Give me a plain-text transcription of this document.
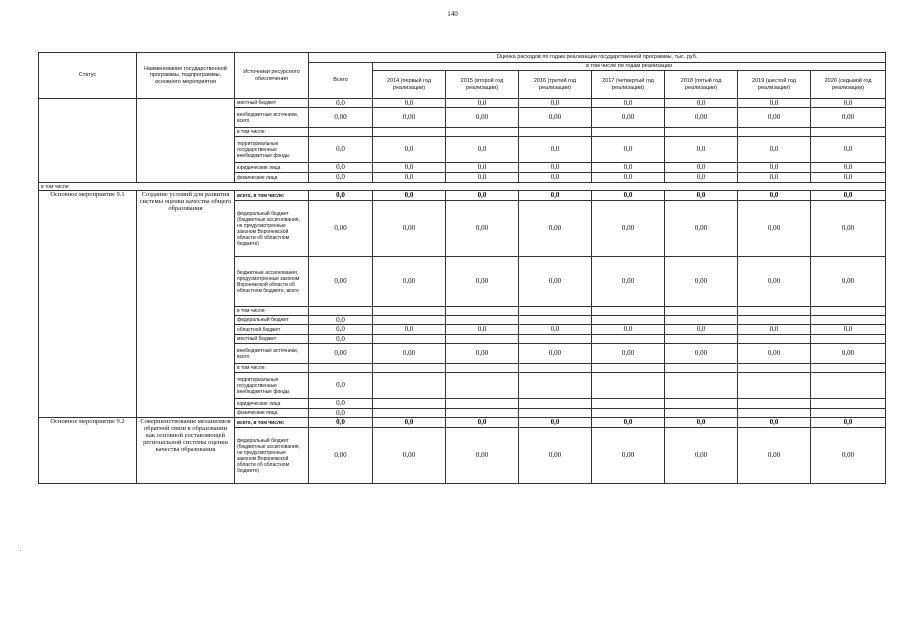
140
Статус	Наименование государственной программы, подпрограммы, основного мероприятия	Источники ресурсного обеспечения	Оценка расходов по годам реализации государственной программы, тыс. руб.							
			Всего	в том числе по годам реализации						
				2014 (первый год реализации)	2015 (второй год реализации)	2016 (третий год реализации)	2017 (четвертый год реализации)	2018 (пятый год реализации)	2019 (шестой год реализации)	2020 (седьмой год реализации)
		местный бюджет	0,0	0,0	0,0	0,0	0,0	0,0	0,0	0,0
		внебюджетные источники, всего	0,00	0,00	0,00	0,00	0,00	0,00	0,00	0,00
		в том числе:								
		территориальные государственные внебюджетные фонды	0,0	0,0	0,0	0,0	0,0	0,0	0,0	0,0
		юридические лица	0,0	0,0	0,0	0,0	0,0	0,0	0,0	0,0
		физические лица	0,0	0,0	0,0	0,0	0,0	0,0	0,0	0,0
в том числе:										
Основное мероприятие 9.1	Создание условий для развития системы оценки качества общего образования	всего, в том числе:	0,0	0,0	0,0	0,0	0,0	0,0	0,0	0,0
		федеральный бюджет (бюджетные ассигнования, не предусмотренные законом Воронежской области об областном бюджете)	0,00	0,00	0,00	0,00	0,00	0,00	0,00	0,00
		бюджетные ассигнования, предусмотренные законом Воронежской области об областном бюджете, всего	0,00	0,00	0,00	0,00	0,00	0,00	0,00	0,00
		в том числе:								
		федеральный бюджет	0,0							
		областной бюджет	0,0	0,0	0,0	0,0	0,0	0,0	0,0	0,0
		местный бюджет	0,0							
		внебюджетные источники, всего	0,00	0,00	0,00	0,00	0,00	0,00	0,00	0,00
		в том числе:								
		территориальные государственные внебюджетные фонды	0,0							
		юридические лица	0,0							
		физические лица	0,0							
Основное мероприятие 9.2	Совершенствование механизмов обратной связи в образовании как основной составляющей региональной системы оценки качества образования	всего, в том числе:	0,0	0,0	0,0	0,0	0,0	0,0	0,0	0,0
		федеральный бюджет (бюджетные ассигнования, не предусмотренные законом Воронежской области об областном бюджете)	0,00	0,00	0,00	0,00	0,00	0,00	0,00	0,00
